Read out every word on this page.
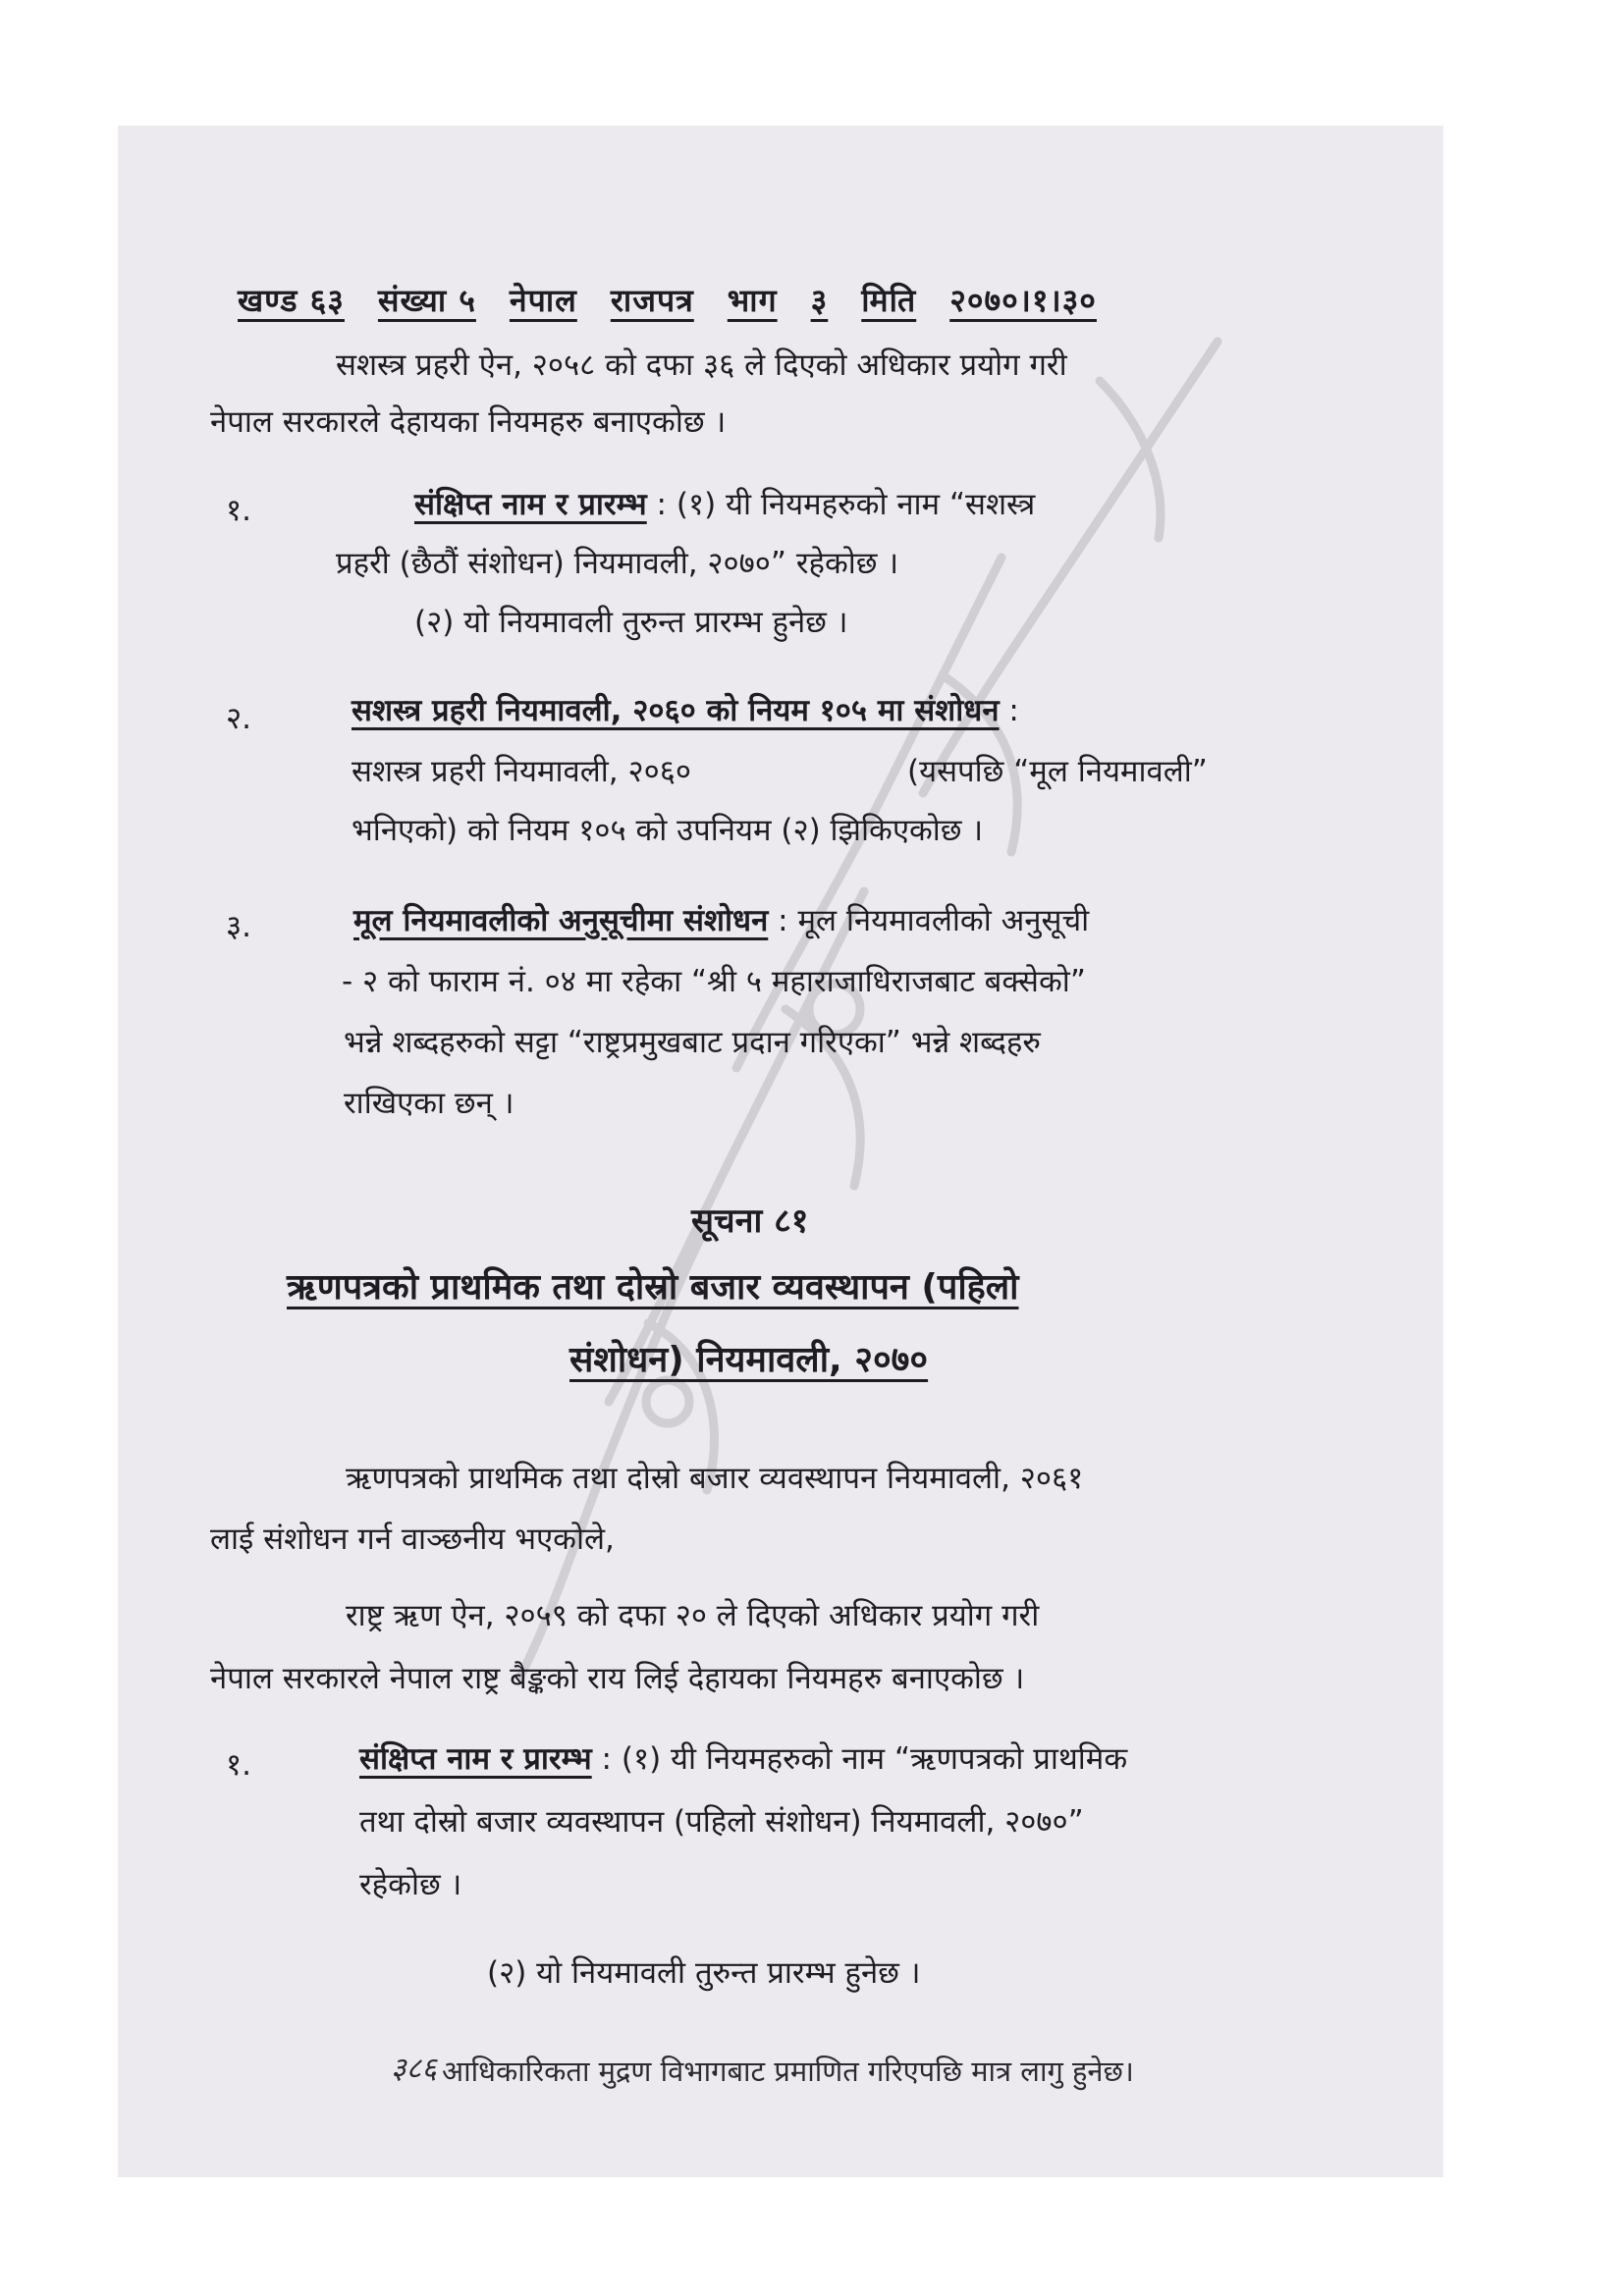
खण्ड ६३ संख्या ५ नेपाल राजपत्र भाग ३ मिति २०७०।१।३०
सशस्त्र प्रहरी ऐन, २०५८ को दफा ३६ ले दिएको अधिकार प्रयोग गरी
नेपाल सरकारले देहायका नियमहरु बनाएकोछ ।
१.	संक्षिप्त नाम र प्रारम्भ : (१) यी नियमहरुको नाम “सशस्त्र
प्रहरी (छैठौं संशोधन) नियमावली, २०७०” रहेकोछ ।
(२) यो नियमावली तुरुन्त प्रारम्भ हुनेछ ।
२.	सशस्त्र प्रहरी नियमावली, २०६० को नियम १०५ मा संशोधन :
सशस्त्र प्रहरी नियमावली, २०६०	(यसपछि “मूल नियमावली”
भनिएको) को नियम १०५ को उपनियम (२) झिकिएकोछ ।
३.	मूल नियमावलीको अनुसूचीमा संशोधन : मूल नियमावलीको अनुसूची
- २ को फाराम नं. ०४ मा रहेका “श्री ५ महाराजाधिराजबाट बक्सेको”
भन्ने शब्दहरुको सट्टा “राष्ट्रप्रमुखबाट प्रदान गरिएका” भन्ने शब्दहरु
राखिएका छन् ।
सूचना ८१
ऋणपत्रको प्राथमिक तथा दोस्रो बजार व्यवस्थापन (पहिलो
संशोधन) नियमावली, २०७०
ऋणपत्रको प्राथमिक तथा दोस्रो बजार व्यवस्थापन नियमावली, २०६१
लाई संशोधन गर्न वाञ्छनीय भएकोले,
राष्ट्र ऋण ऐन, २०५९ को दफा २० ले दिएको अधिकार प्रयोग गरी
नेपाल सरकारले नेपाल राष्ट्र बैङ्कको राय लिई देहायका नियमहरु बनाएकोछ ।
१.	संक्षिप्त नाम र प्रारम्भ : (१) यी नियमहरुको नाम “ऋणपत्रको प्राथमिक
तथा दोस्रो बजार व्यवस्थापन (पहिलो संशोधन) नियमावली, २०७०”
रहेकोछ ।
(२) यो नियमावली तुरुन्त प्रारम्भ हुनेछ ।
३८६ आधिकारिकता मुद्रण विभागबाट प्रमाणित गरिएपछि मात्र लागु हुनेछ।
